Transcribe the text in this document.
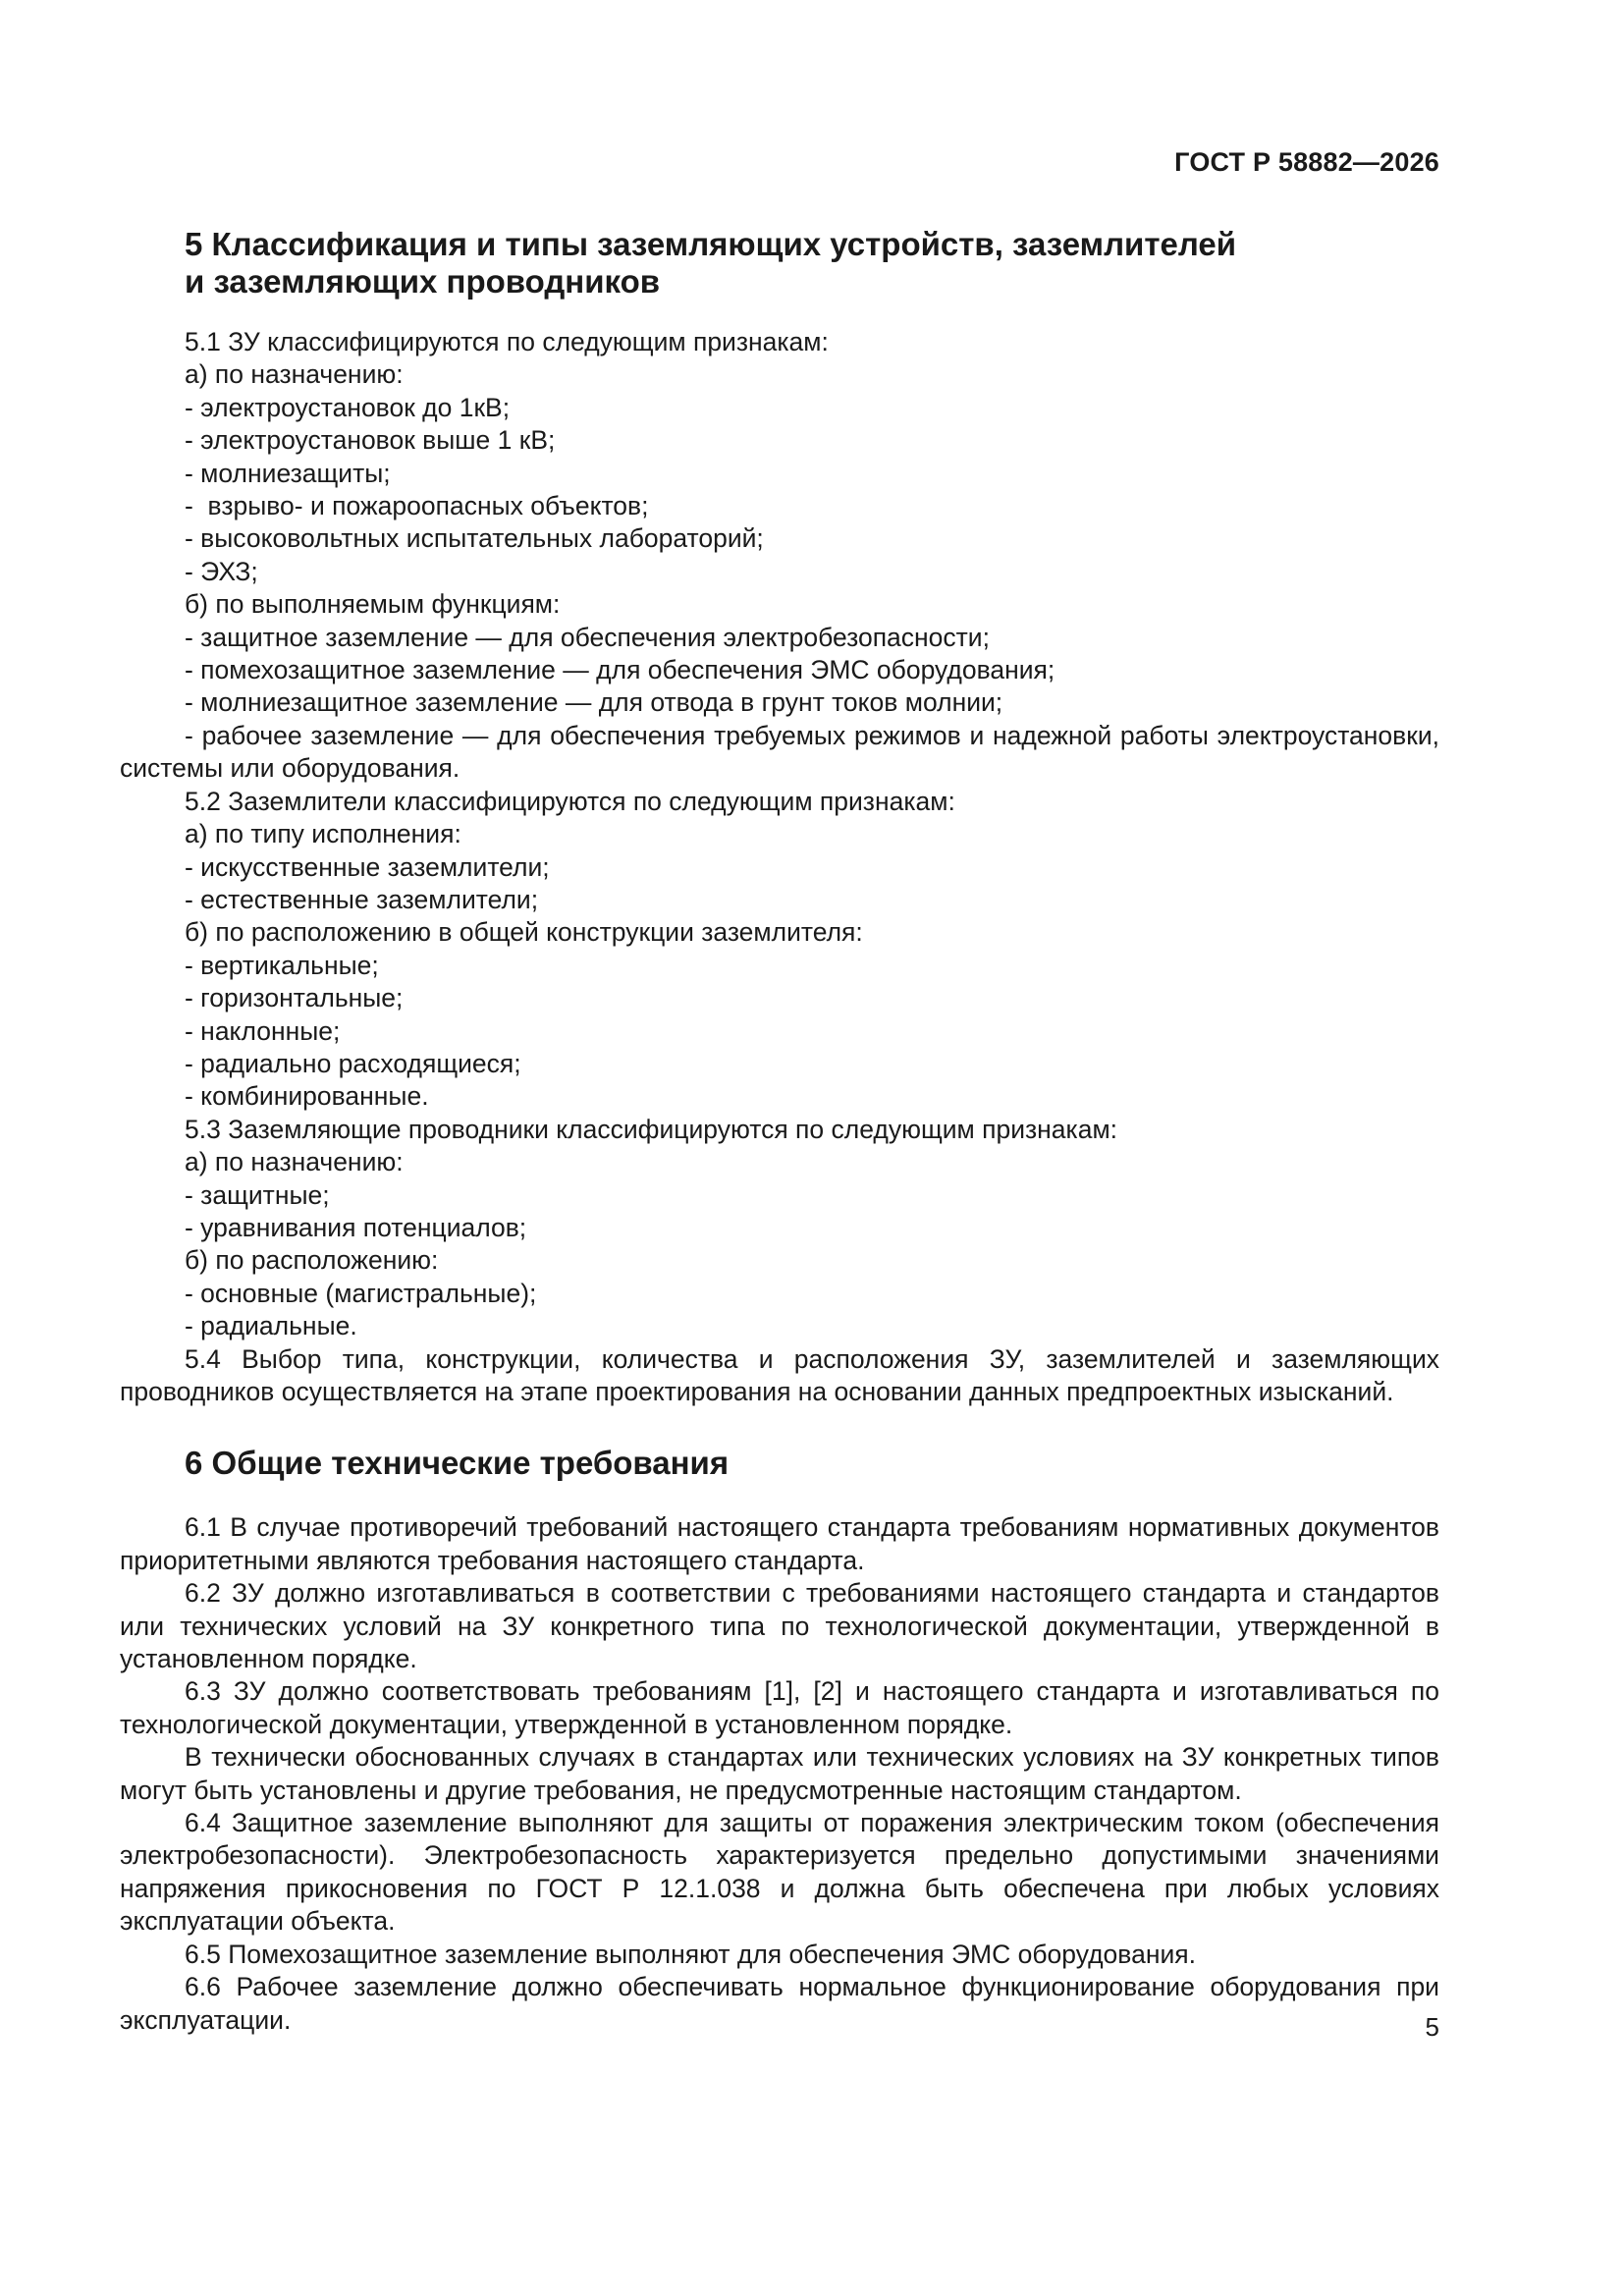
ГОСТ Р 58882—2026
5 Классификация и типы заземляющих устройств, заземлителей
и заземляющих проводников

5.1 ЗУ классифицируются по следующим признакам:

а) по назначению:

- электроустановок до 1кВ;

- электроустановок выше 1 кВ;

- молниезащиты;

-  взрыво- и пожароопасных объектов;

- высоковольтных испытательных лабораторий;

- ЭХЗ;

б) по выполняемым функциям:

- защитное заземление — для обеспечения электробезопасности;

- помехозащитное заземление — для обеспечения ЭМС оборудования;

- молниезащитное заземление — для отвода в грунт токов молнии;

- рабочее заземление — для обеспечения требуемых режимов и надежной работы электроустановки, системы или оборудования.

5.2 Заземлители классифицируются по следующим признакам:

а) по типу исполнения:

- искусственные заземлители;

- естественные заземлители;

б) по расположению в общей конструкции заземлителя:

- вертикальные;

- горизонтальные;

- наклонные;

- радиально расходящиеся;

- комбинированные.

5.3 Заземляющие проводники классифицируются по следующим признакам:

а) по назначению:

- защитные;

- уравнивания потенциалов;

б) по расположению:

- основные (магистральные);

- радиальные.

5.4 Выбор типа, конструкции, количества и расположения ЗУ, заземлителей и заземляющих проводников осуществляется на этапе проектирования на основании данных предпроектных изысканий.

6 Общие технические требования

6.1 В случае противоречий требований настоящего стандарта требованиям нормативных документов приоритетными являются требования настоящего стандарта.

6.2 ЗУ должно изготавливаться в соответствии с требованиями настоящего стандарта и стандартов или технических условий на ЗУ конкретного типа по технологической документации, утвержденной в установленном порядке.

6.3 ЗУ должно соответствовать требованиям [1], [2] и настоящего стандарта и изготавливаться по технологической документации, утвержденной в установленном порядке.

В технически обоснованных случаях в стандартах или технических условиях на ЗУ конкретных типов могут быть установлены и другие требования, не предусмотренные настоящим стандартом.

6.4 Защитное заземление выполняют для защиты от поражения электрическим током (обеспечения электробезопасности). Электробезопасность характеризуется предельно допустимыми значениями напряжения прикосновения по ГОСТ Р 12.1.038 и должна быть обеспечена при любых условиях эксплуатации объекта.

6.5 Помехозащитное заземление выполняют для обеспечения ЭМС оборудования.

6.6 Рабочее заземление должно обеспечивать нормальное функционирование оборудования при эксплуатации.	5
